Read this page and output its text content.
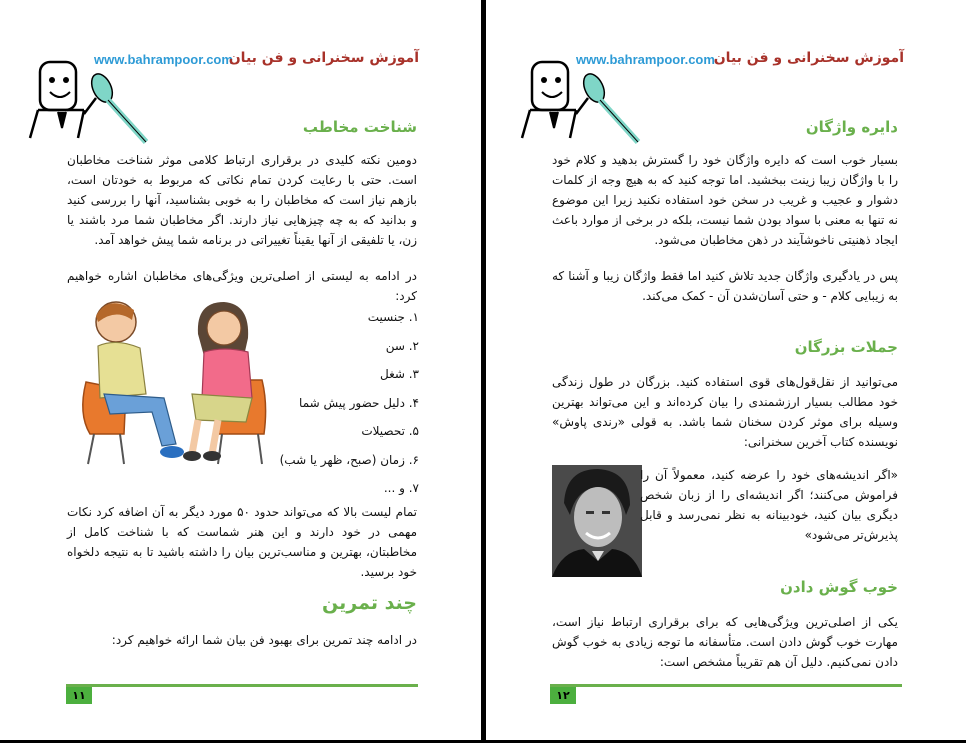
www.bahrampoor.com
آموزش سخنرانی و فن بیان
شناخت مخاطب
دومین نکته کلیدی در برقراری ارتباط کلامی موثر شناخت مخاطبان است. حتی با رعایت کردن تمام نکاتی که مربوط به خودتان است، بازهم نیاز است که مخاطبان را به خوبی بشناسید، آنها را بررسی کنید و بدانید که به چه چیزهایی نیاز دارند. اگر مخاطبان شما مرد باشند یا زن، یا تلفیقی از آنها یقیناً تغییراتی در برنامه شما پیش خواهد آمد.
در ادامه به لیستی از اصلی‌ترین ویژگی‌های مخاطبان اشاره خواهیم کرد:
۱. جنسیت
۲. سن
۳. شغل
۴. دلیل حضور پیش شما
۵. تحصیلات
۶. زمان (صبح، ظهر یا شب)
۷. و ...
تمام لیست بالا که می‌تواند حدود ۵۰ مورد دیگر به آن اضافه کرد نکات مهمی در خود دارند و این هنر شماست که با شناخت کامل از مخاطبتان، بهترین و مناسب‌ترین بیان را داشته باشید تا به نتیجه دلخواه خود برسید.
چند تمرین
در ادامه چند تمرین برای بهبود فن بیان شما ارائه خواهیم کرد:
۱۱
www.bahrampoor.com
آموزش سخنرانی و فن بیان
دایره واژگان
بسیار خوب است که دایره واژگان خود را گسترش بدهید و کلام خود را با واژگان زیبا زینت ببخشید. اما توجه کنید که به هیچ وجه از کلمات دشوار و عجیب و غریب در سخن خود استفاده نکنید زیرا این موضوع نه تنها به معنی با سواد بودن شما نیست، بلکه در برخی از موارد باعث ایجاد ذهنیتی ناخوشآیند در ذهن مخاطبان می‌شود.
پس در یادگیری واژگان جدید تلاش کنید اما فقط واژگان زیبا و آشنا که به زیبایی کلام - و حتی آسان‌شدن آن - کمک می‌کند.
جملات بزرگان
می‌توانید از نقل‌قول‌های قوی استفاده کنید. بزرگان در طول زندگی خود مطالب بسیار ارزشمندی را بیان کرده‌اند و این می‌تواند بهترین وسیله برای موثر کردن سخنان شما باشد. به قولی «رندی پاوش» نویسنده کتاب آخرین سخنرانی:
«اگر اندیشه‌های خود را عرضه کنید، معمولاً آن را فراموش می‌کنند؛ اگر اندیشه‌ای را از زبان شخص دیگری بیان کنید، خودبینانه به نظر نمی‌رسد و قابل پذیرش‌تر می‌شود»
خوب گوش دادن
یکی از اصلی‌ترین ویژگی‌هایی که برای برقراری ارتباط نیاز است، مهارت خوب گوش دادن است. متأسفانه ما توجه زیادی به خوب گوش دادن نمی‌کنیم. دلیل آن هم تقریباً مشخص است:
۱۲
